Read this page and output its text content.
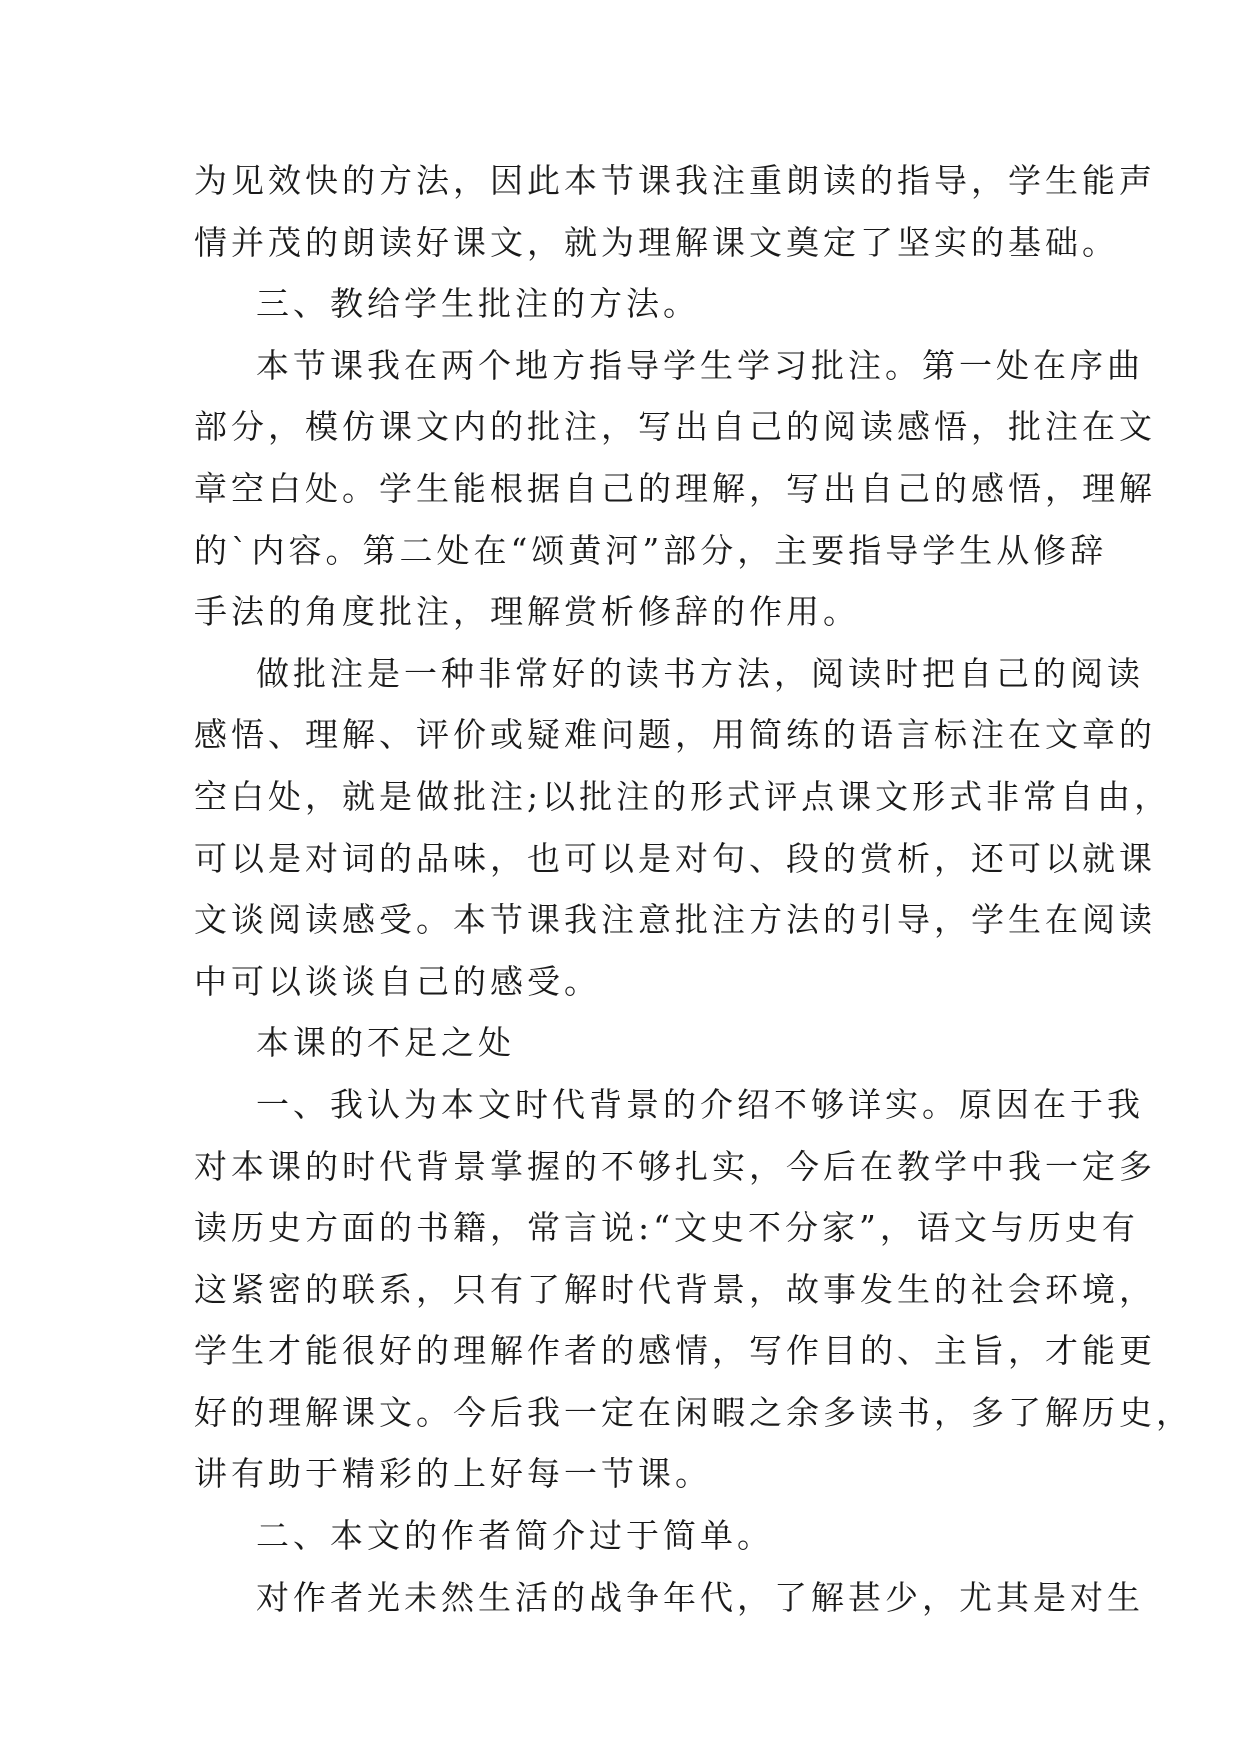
为见效快的方法，因此本节课我注重朗读的指导，学生能声
情并茂的朗读好课文，就为理解课文奠定了坚实的基础。
三、教给学生批注的方法。
本节课我在两个地方指导学生学习批注。第一处在序曲
部分，模仿课文内的批注，写出自己的阅读感悟，批注在文
章空白处。学生能根据自己的理解，写出自己的感悟，理解
的`内容。第二处在“颂黄河”部分，主要指导学生从修辞
手法的角度批注，理解赏析修辞的作用。
做批注是一种非常好的读书方法，阅读时把自己的阅读
感悟、理解、评价或疑难问题，用简练的语言标注在文章的
空白处，就是做批注;以批注的形式评点课文形式非常自由，
可以是对词的品味，也可以是对句、段的赏析，还可以就课
文谈阅读感受。本节课我注意批注方法的引导，学生在阅读
中可以谈谈自己的感受。
本课的不足之处
一、我认为本文时代背景的介绍不够详实。原因在于我
对本课的时代背景掌握的不够扎实，今后在教学中我一定多
读历史方面的书籍，常言说:“文史不分家”，语文与历史有
这紧密的联系，只有了解时代背景，故事发生的社会环境，
学生才能很好的理解作者的感情，写作目的、主旨，才能更
好的理解课文。今后我一定在闲暇之余多读书，多了解历史，
讲有助于精彩的上好每一节课。
二、本文的作者简介过于简单。
对作者光未然生活的战争年代，了解甚少，尤其是对生
